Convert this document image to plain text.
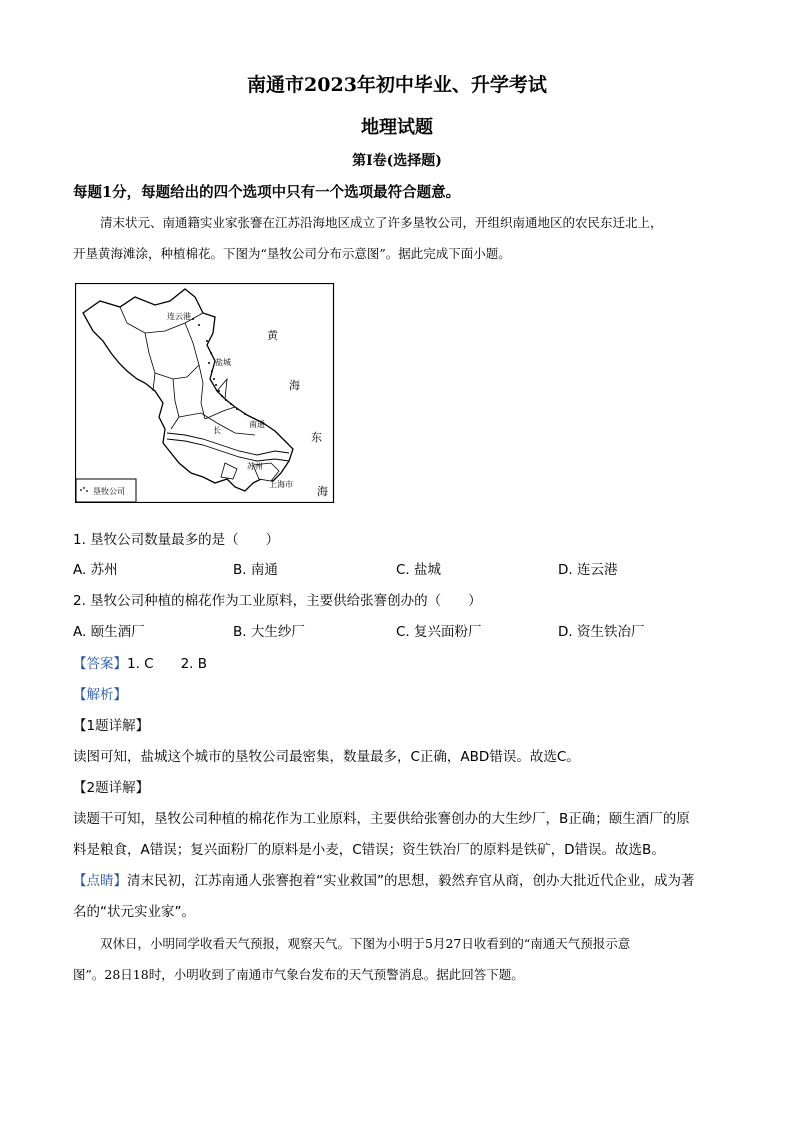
南通市2023年初中毕业、升学考试
地理试题
第Ⅰ卷(选择题)
每题1分，每题给出的四个选项中只有一个选项最符合题意。
清末状元、南通籍实业家张謇在江苏沿海地区成立了许多垦牧公司，开组织南通地区的农民东迁北上，
开垦黄海滩涂，种植棉花。下图为“垦牧公司分布示意图”。据此完成下面小题。
连云港
盐城
南通
长
苏州
上海市
黄
海
东
海
垦牧公司
1. 垦牧公司数量最多的是（　　）
A. 苏州	B. 南通	C. 盐城	D. 连云港
2. 垦牧公司种植的棉花作为工业原料，主要供给张謇创办的（　　）
A. 颐生酒厂	B. 大生纱厂	C. 复兴面粉厂	D. 资生铁冶厂
【答案】1. C　　2. B
【解析】
【1题详解】
读图可知，盐城这个城市的垦牧公司最密集，数量最多，C正确，ABD错误。故选C。
【2题详解】
读题干可知，垦牧公司种植的棉花作为工业原料，主要供给张謇创办的大生纱厂，B正确；颐生酒厂的原
料是粮食，A错误；复兴面粉厂的原料是小麦，C错误；资生铁冶厂的原料是铁矿，D错误。故选B。
【点睛】清末民初，江苏南通人张謇抱着“实业救国”的思想，毅然弃官从商，创办大批近代企业，成为著
名的“状元实业家”。
双休日，小明同学收看天气预报，观察天气。下图为小明于5月27日收看到的“南通天气预报示意
图”。28日18时，小明收到了南通市气象台发布的天气预警消息。据此回答下题。
